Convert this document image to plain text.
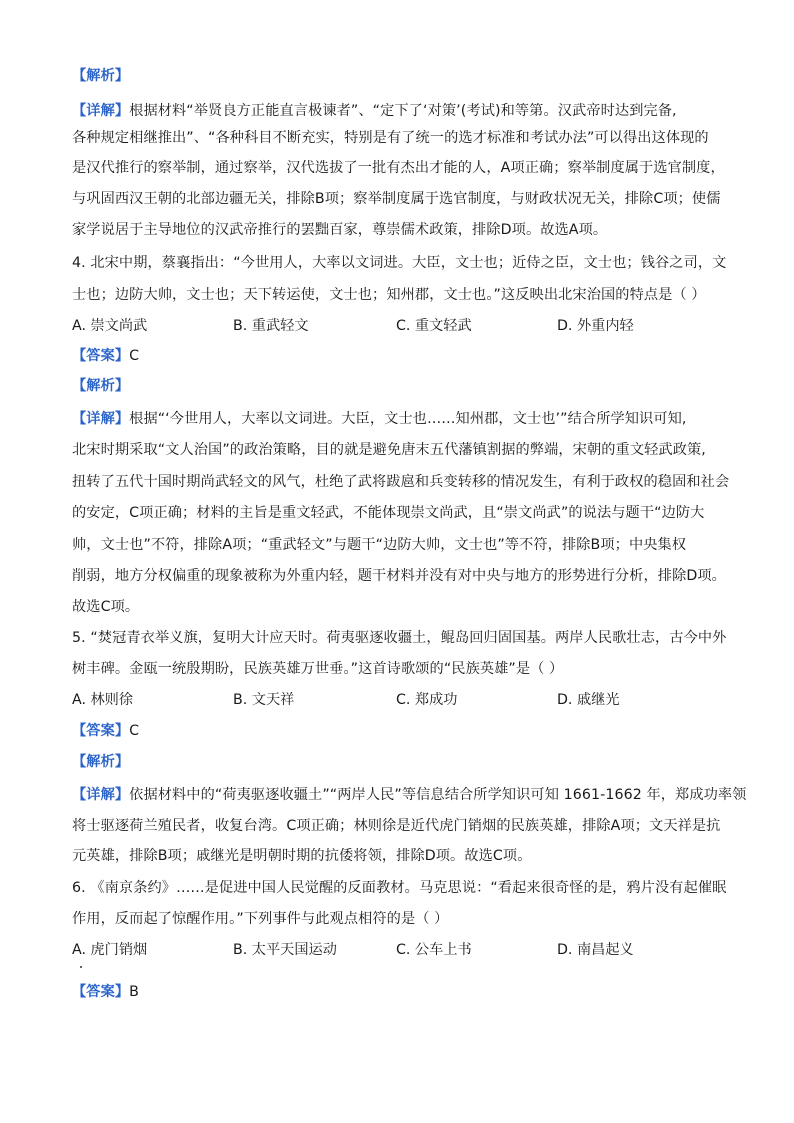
【解析】
【详解】根据材料“举贤良方正能直言极谏者”、“定下了‘对策’(考试)和等第。汉武帝时达到完备,
各种规定相继推出”、“各种科目不断充实，特别是有了统一的选才标准和考试办法”可以得出这体现的
是汉代推行的察举制，通过察举，汉代选拔了一批有杰出才能的人，A项正确；察举制度属于选官制度，
与巩固西汉王朝的北部边疆无关，排除B项；察举制度属于选官制度，与财政状况无关，排除C项；使儒
家学说居于主导地位的汉武帝推行的罢黜百家，尊崇儒术政策，排除D项。故选A项。
4. 北宋中期，蔡襄指出：“今世用人，大率以文词进。大臣，文士也；近侍之臣，文士也；钱谷之司，文
士也；边防大帅，文士也；天下转运使，文士也；知州郡，文士也。”这反映出北宋治国的特点是（ ）
A. 崇文尚武	B. 重武轻文	C. 重文轻武	D. 外重内轻
【答案】C
【解析】
【详解】根据“‘今世用人，大率以文词进。大臣，文士也……知州郡，文士也’”结合所学知识可知,
北宋时期采取“文人治国”的政治策略，目的就是避免唐末五代藩镇割据的弊端，宋朝的重文轻武政策,
扭转了五代十国时期尚武轻文的风气，杜绝了武将跋扈和兵变转移的情况发生，有利于政权的稳固和社会
的安定，C项正确；材料的主旨是重文轻武，不能体现崇文尚武，且“崇文尚武”的说法与题干“边防大
帅，文士也”不符，排除A项；“重武轻文”与题干“边防大帅，文士也”等不符，排除B项；中央集权
削弱，地方分权偏重的现象被称为外重内轻，题干材料并没有对中央与地方的形势进行分析，排除D项。
故选C项。
5. “焚冠青衣举义旗，复明大计应天时。荷夷驱逐收疆土，鲲岛回归固国基。两岸人民歌壮志，古今中外
树丰碑。金瓯一统殷期盼，民族英雄万世垂。”这首诗歌颂的“民族英雄”是（ ）
A. 林则徐	B. 文天祥	C. 郑成功	D. 戚继光
【答案】C
【解析】
【详解】依据材料中的“荷夷驱逐收疆土”“两岸人民”等信息结合所学知识可知 1661-1662 年，郑成功率领
将士驱逐荷兰殖民者，收复台湾。C项正确；林则徐是近代虎门销烟的民族英雄，排除A项；文天祥是抗
元英雄，排除B项；戚继光是明朝时期的抗倭将领，排除D项。故选C项。
6. 《南京条约》……是促进中国人民觉醒的反面教材。马克思说：“看起来很奇怪的是，鸦片没有起催眠
作用，反而起了惊醒作用。”下列事件与此观点相符的是（ ）
A. 虎门销烟	B. 太平天国运动	C. 公车上书	D. 南昌起义
【答案】B
